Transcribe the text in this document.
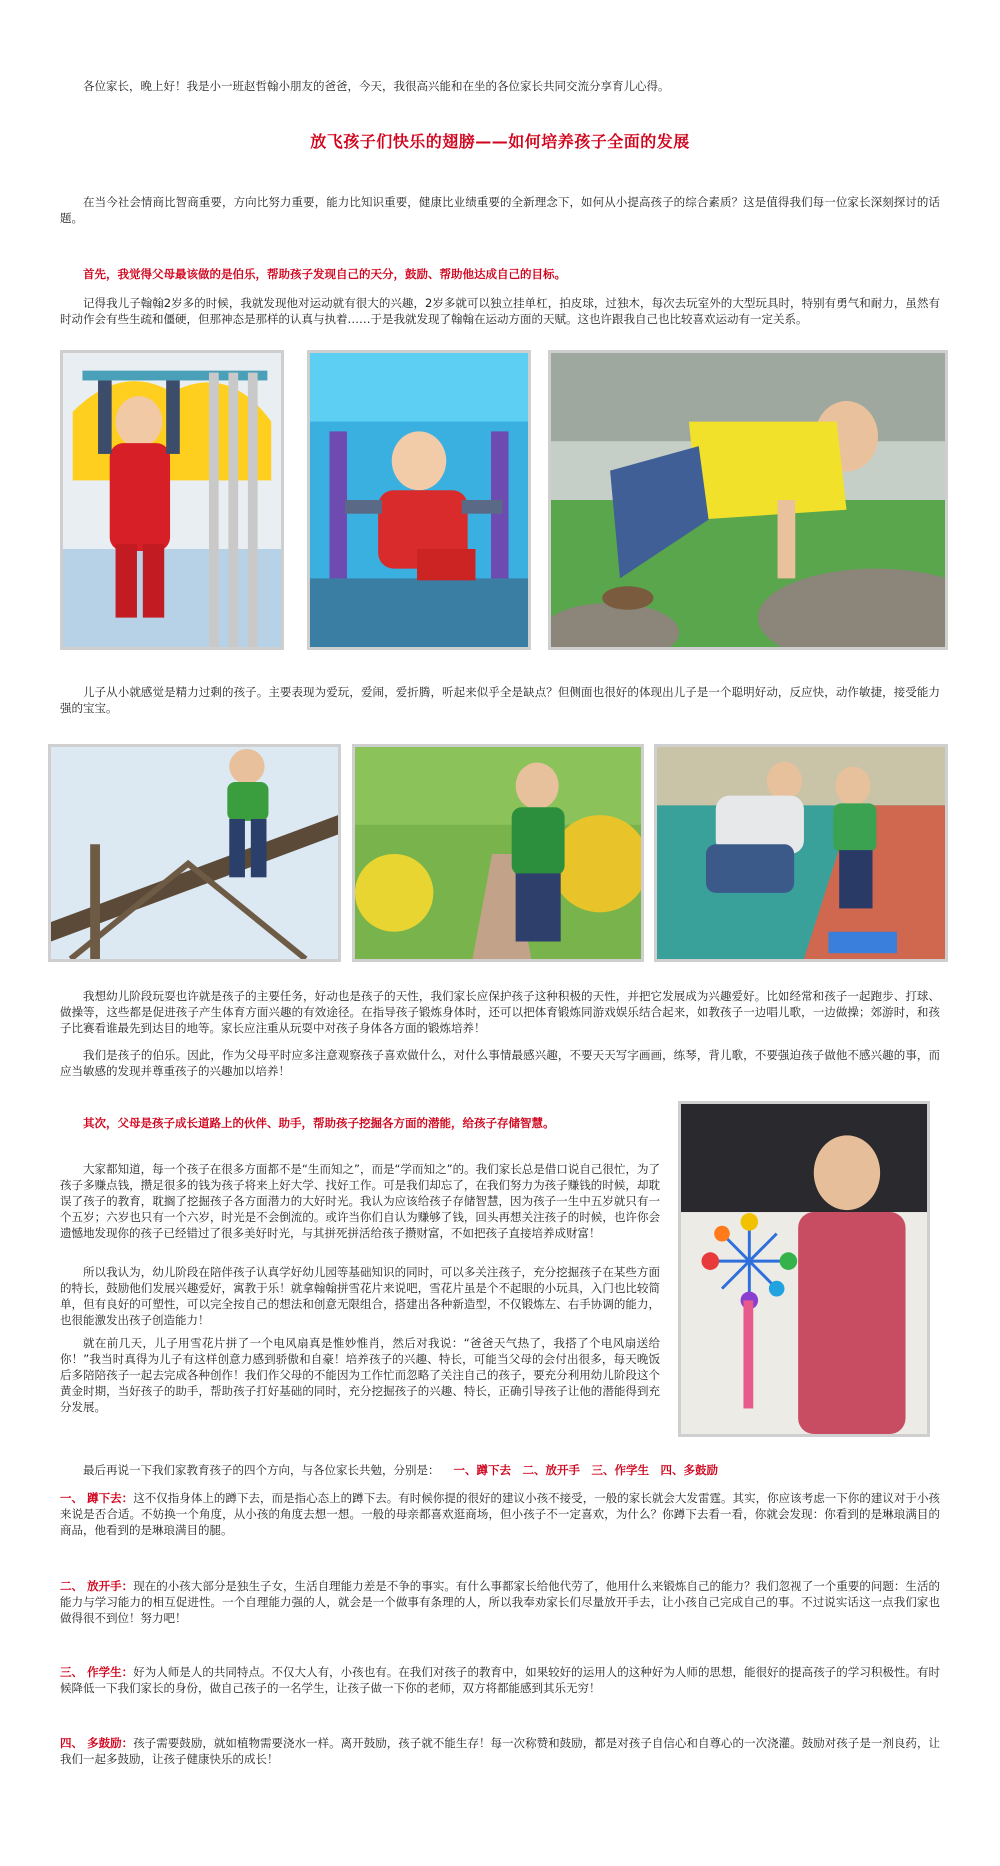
各位家长，晚上好！我是小一班赵哲翰小朋友的爸爸，今天，我很高兴能和在坐的各位家长共同交流分享育儿心得。

放飞孩子们快乐的翅膀——如何培养孩子全面的发展

在当今社会情商比智商重要，方向比努力重要，能力比知识重要，健康比业绩重要的全新理念下，如何从小提高孩子的综合素质？这是值得我们每一位家长深刻探讨的话题。

首先，我觉得父母最该做的是伯乐，帮助孩子发现自己的天分，鼓励、帮助他达成自己的目标。

记得我儿子翰翰2岁多的时候，我就发现他对运动就有很大的兴趣，2岁多就可以独立挂单杠，拍皮球，过独木，每次去玩室外的大型玩具时，特别有勇气和耐力，虽然有时动作会有些生疏和僵硬，但那神态是那样的认真与执着……于是我就发现了翰翰在运动方面的天赋。这也许跟我自己也比较喜欢运动有一定关系。

儿子从小就感觉是精力过剩的孩子。主要表现为爱玩，爱闹，爱折腾，听起来似乎全是缺点？但侧面也很好的体现出儿子是一个聪明好动，反应快，动作敏捷，接受能力强的宝宝。

我想幼儿阶段玩耍也许就是孩子的主要任务，好动也是孩子的天性，我们家长应保护孩子这种积极的天性，并把它发展成为兴趣爱好。比如经常和孩子一起跑步、打球、做操等，这些都是促进孩子产生体育方面兴趣的有效途径。在指导孩子锻炼身体时，还可以把体育锻炼同游戏娱乐结合起来，如教孩子一边唱儿歌，一边做操；郊游时，和孩子比赛看谁最先到达目的地等。家长应注重从玩耍中对孩子身体各方面的锻炼培养！

我们是孩子的伯乐。因此，作为父母平时应多注意观察孩子喜欢做什么，对什么事情最感兴趣，不要天天写字画画，练琴，背儿歌，不要强迫孩子做他不感兴趣的事，而应当敏感的发现并尊重孩子的兴趣加以培养！

其次，父母是孩子成长道路上的伙伴、助手，帮助孩子挖掘各方面的潜能，给孩子存储智慧。

大家都知道，每一个孩子在很多方面都不是“生而知之”，而是“学而知之”的。我们家长总是借口说自己很忙，为了孩子多赚点钱，攒足很多的钱为孩子将来上好大学、找好工作。可是我们却忘了，在我们努力为孩子赚钱的时候，却耽误了孩子的教育，耽搁了挖掘孩子各方面潜力的大好时光。我认为应该给孩子存储智慧，因为孩子一生中五岁就只有一个五岁；六岁也只有一个六岁，时光是不会倒流的。或许当你们自认为赚够了钱，回头再想关注孩子的时候，也许你会遗憾地发现你的孩子已经错过了很多美好时光，与其拼死拼活给孩子攒财富，不如把孩子直接培养成财富！

所以我认为，幼儿阶段在陪伴孩子认真学好幼儿园等基础知识的同时，可以多关注孩子，充分挖掘孩子在某些方面的特长，鼓励他们发展兴趣爱好，寓教于乐！就拿翰翰拼雪花片来说吧，雪花片虽是个不起眼的小玩具，入门也比较简单，但有良好的可塑性，可以完全按自己的想法和创意无限组合，搭建出各种新造型，不仅锻炼左、右手协调的能力，也很能激发出孩子创造能力！

就在前几天，儿子用雪花片拼了一个电风扇真是惟妙惟肖，然后对我说：“爸爸天气热了，我搭了个电风扇送给你！”我当时真得为儿子有这样创意力感到骄傲和自豪！培养孩子的兴趣、特长，可能当父母的会付出很多，每天晚饭后多陪陪孩子一起去完成各种创作！我们作父母的不能因为工作忙而忽略了关注自己的孩子，要充分利用幼儿阶段这个黄金时期，当好孩子的助手，帮助孩子打好基础的同时，充分挖掘孩子的兴趣、特长，正确引导孩子让他的潜能得到充分发展。

最后再说一下我们家教育孩子的四个方向，与各位家长共勉，分别是： 一、蹲下去　二、放开手　三、作学生　四、多鼓励

一、 蹲下去：这不仅指身体上的蹲下去，而是指心态上的蹲下去。有时候你提的很好的建议小孩不接受，一般的家长就会大发雷霆。其实，你应该考虑一下你的建议对于小孩来说是否合适。不妨换一个角度，从小孩的角度去想一想。一般的母亲都喜欢逛商场，但小孩子不一定喜欢，为什么？你蹲下去看一看，你就会发现：你看到的是琳琅满目的商品，他看到的是琳琅满目的腿。

二、 放开手：现在的小孩大部分是独生子女，生活自理能力差是不争的事实。有什么事都家长给他代劳了，他用什么来锻炼自己的能力？我们忽视了一个重要的问题：生活的能力与学习能力的相互促进性。一个自理能力强的人，就会是一个做事有条理的人，所以我奉劝家长们尽量放开手去，让小孩自己完成自己的事。不过说实话这一点我们家也做得很不到位！努力吧！

三、 作学生：好为人师是人的共同特点。不仅大人有，小孩也有。在我们对孩子的教育中，如果较好的运用人的这种好为人师的思想，能很好的提高孩子的学习积极性。有时候降低一下我们家长的身份，做自己孩子的一名学生，让孩子做一下你的老师，双方将都能感到其乐无穷！

四、 多鼓励：孩子需要鼓励，就如植物需要浇水一样。离开鼓励，孩子就不能生存！每一次称赞和鼓励，都是对孩子自信心和自尊心的一次浇灌。鼓励对孩子是一剂良药，让我们一起多鼓励，让孩子健康快乐的成长！
